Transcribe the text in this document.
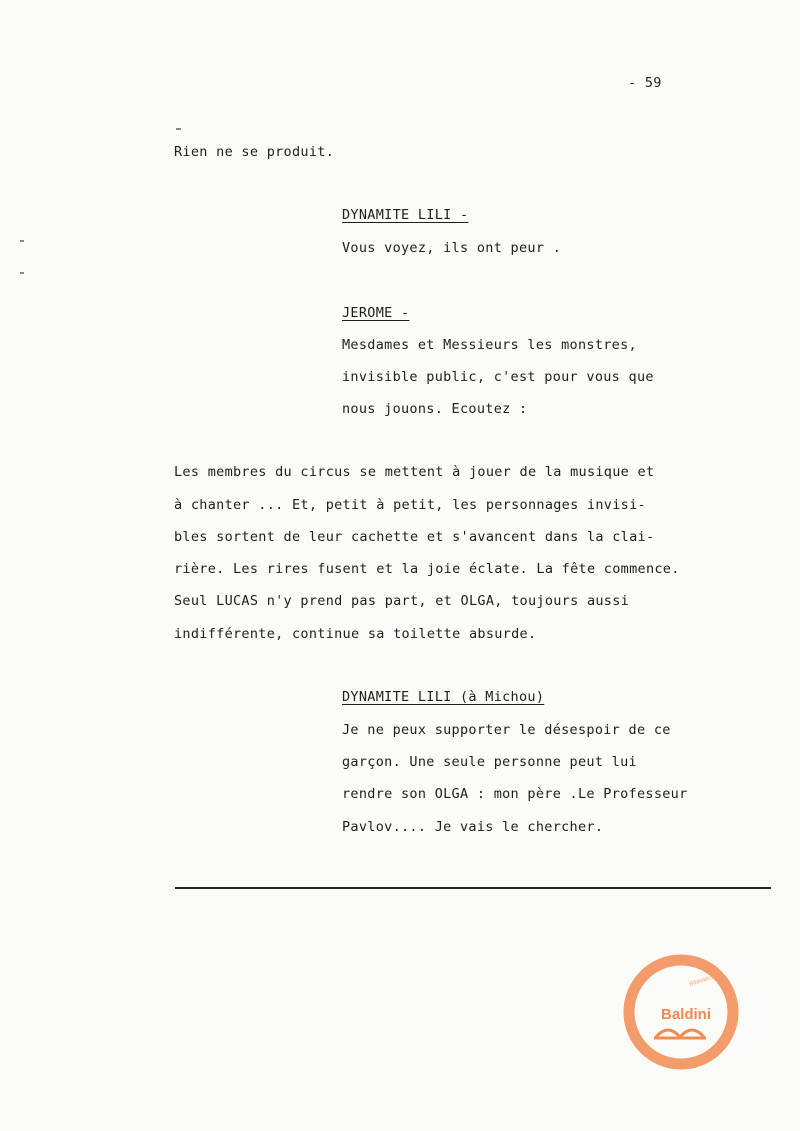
- 59
Rien ne se produit.
DYNAMITE LILI -
Vous voyez, ils ont peur .
JEROME -
Mesdames et Messieurs les monstres,
invisible public, c'est pour vous que
nous jouons. Ecoutez :
Les membres du circus se mettent à jouer de la musique et
à chanter ... Et, petit à petit, les personnages invisi-
bles sortent de leur cachette et s'avancent dans la clai-
rière. Les rires fusent et la joie éclate. La fête commence.
Seul LUCAS n'y prend pas part, et OLGA, toujours aussi
indifférente, continue sa toilette absurde.
DYNAMITE LILI (à Michou)
Je ne peux supporter le désespoir de ce
garçon. Une seule personne peut lui
rendre son OLGA : mon père .Le Professeur
Pavlov.... Je vais le chercher.
Biblioteca
Baldini
